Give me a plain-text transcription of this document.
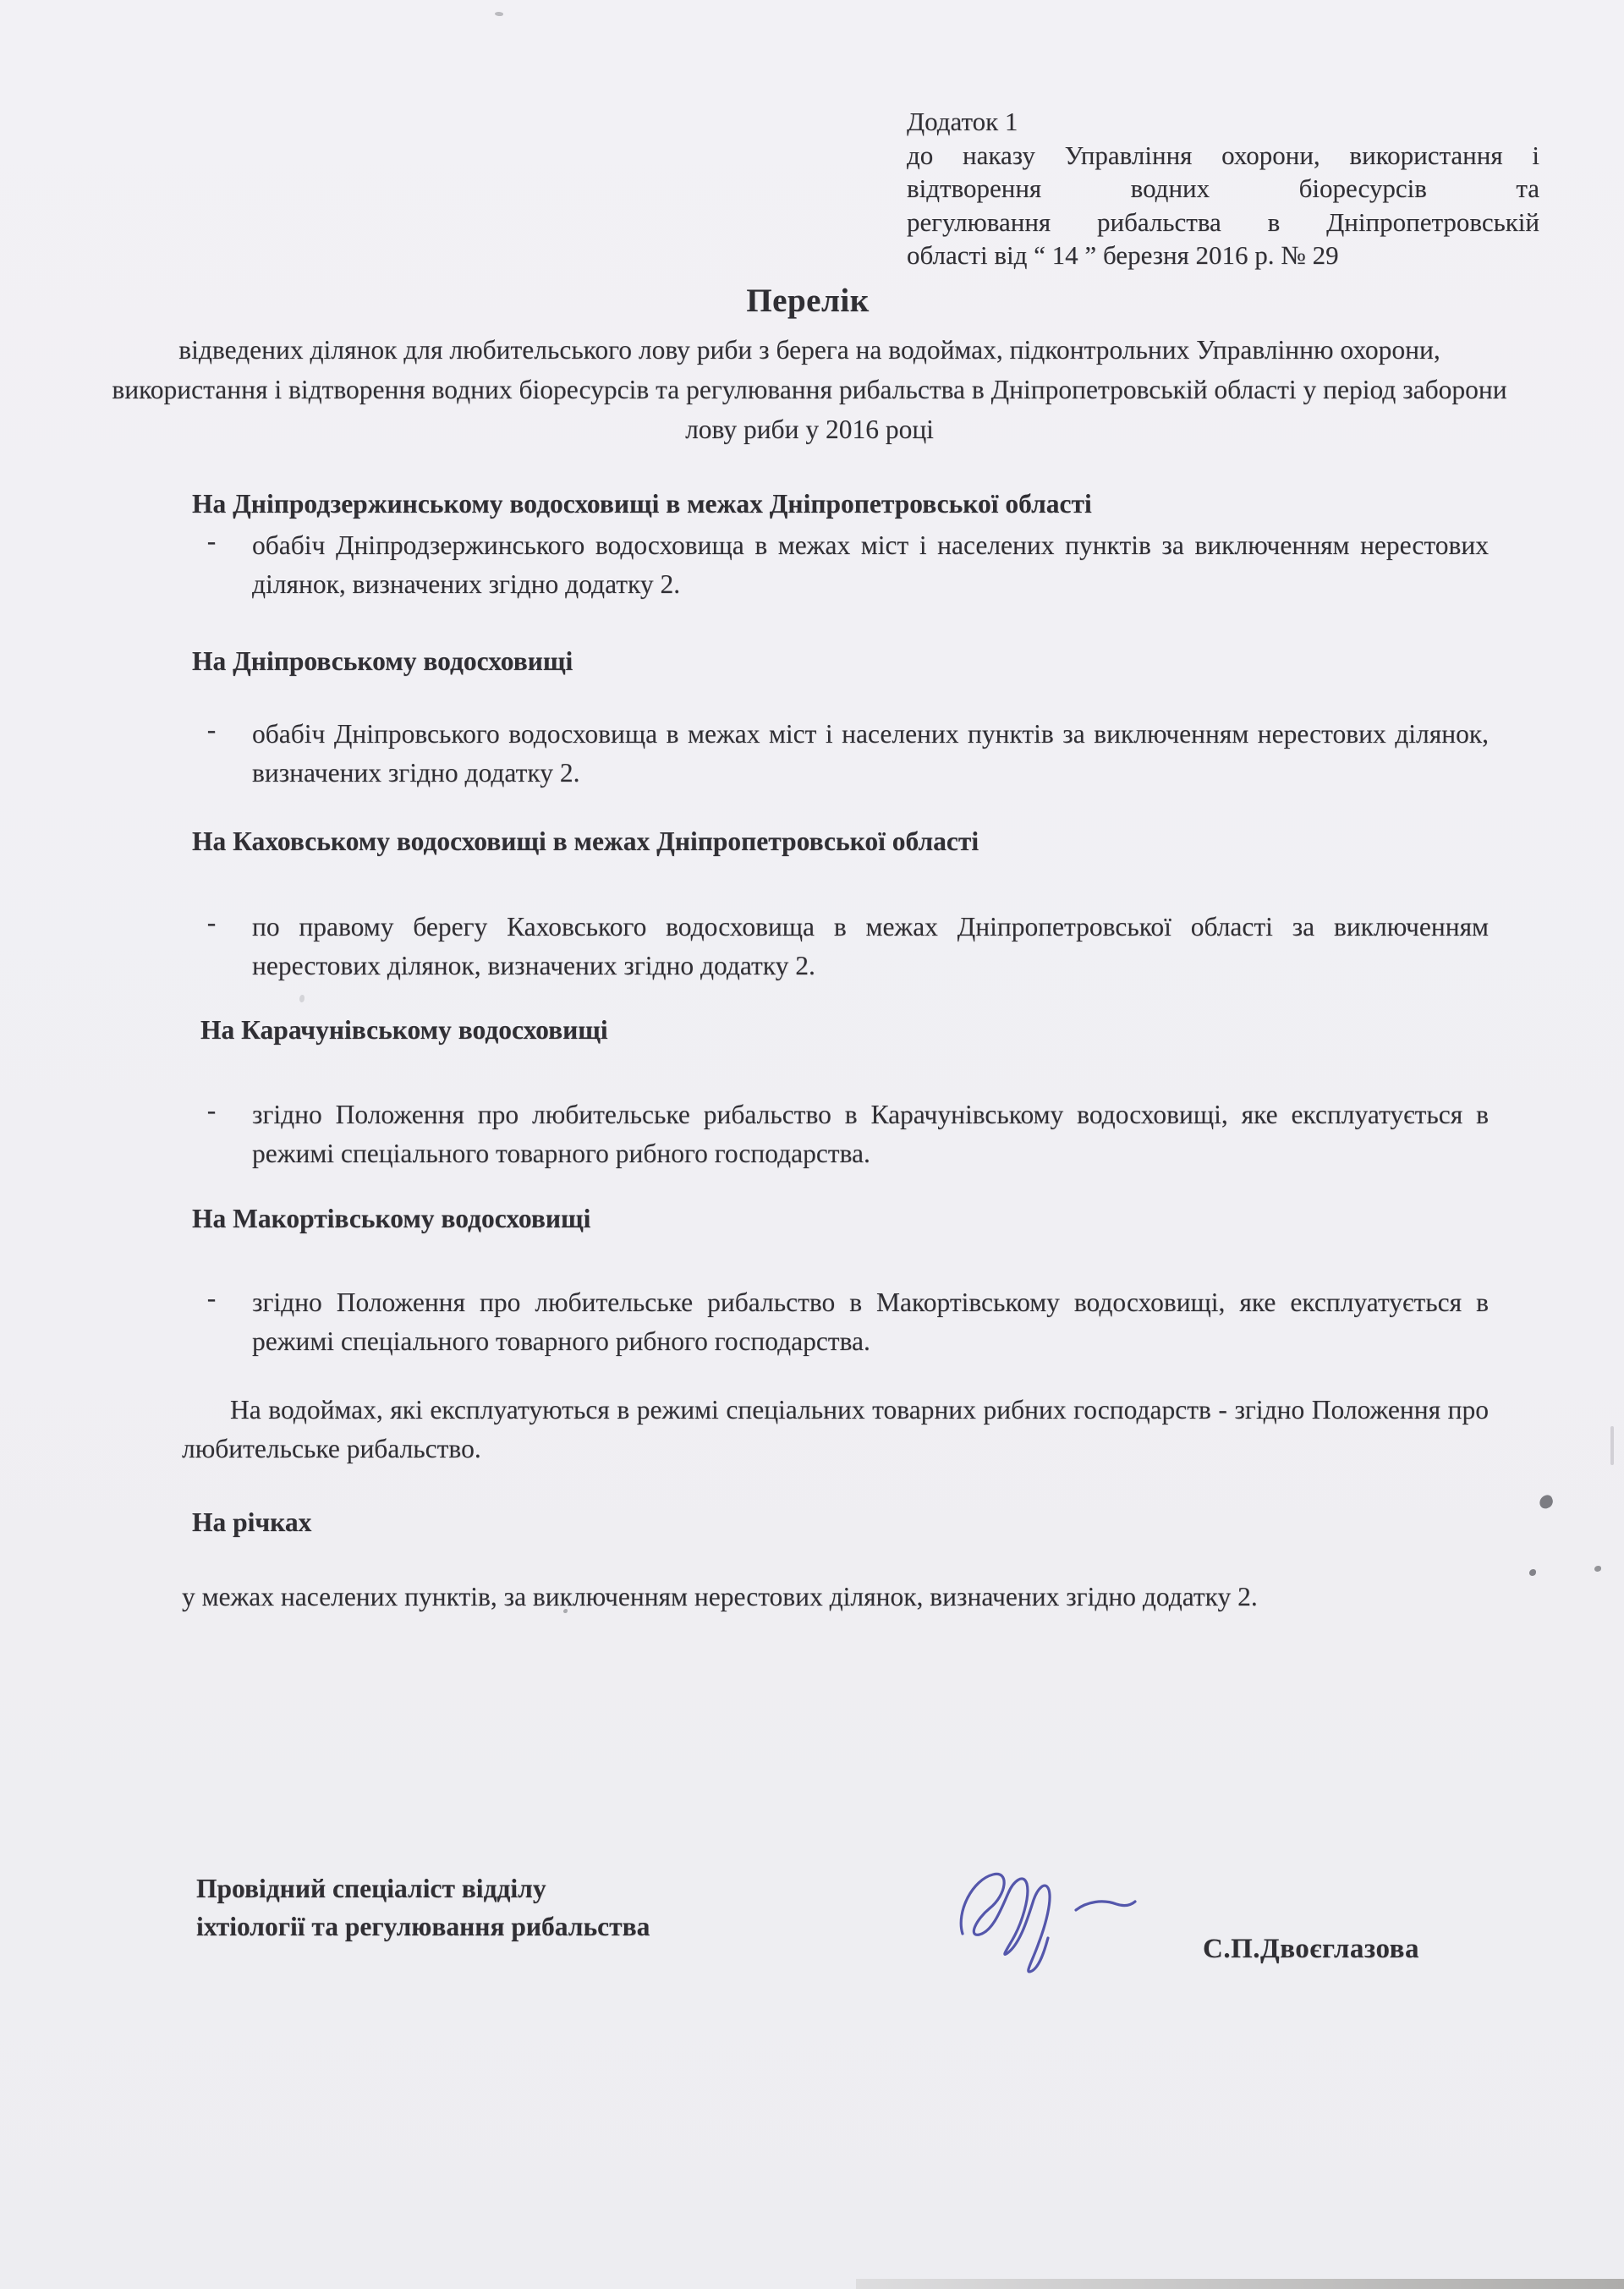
Додаток 1
до наказу Управління охорони, використання і
відтворення водних біоресурсів та
регулювання рибальства в Дніпропетровській
області від “ 14 ” березня 2016 р. № 29
Перелік
відведених ділянок для любительського лову риби з берега на водоймах, підконтрольних Управлінню охорони, використання і відтворення водних біоресурсів та регулювання рибальства в Дніпропетровській області у період заборони лову риби у 2016 році
На Дніпродзержинському водосховищі в межах Дніпропетровської області
- обабіч Дніпродзержинського водосховища в межах міст і населених пунктів за виключенням нерестових ділянок, визначених згідно додатку 2.

На Дніпровському водосховищі
- обабіч Дніпровського водосховища в межах міст і населених пунктів за виключенням нерестових ділянок, визначених згідно додатку 2.

На Каховському водосховищі в межах Дніпропетровської області
- по правому берегу Каховського водосховища в межах Дніпропетровської області за виключенням нерестових ділянок, визначених згідно додатку 2.

На Карачунівському водосховищі
- згідно Положення про любительське рибальство в Карачунівському водосховищі, яке експлуатується в режимі спеціального товарного рибного господарства.

На Макортівському водосховищі
- згідно Положення про любительське рибальство в Макортівському водосховищі, яке експлуатується в режимі спеціального товарного рибного господарства.

На водоймах, які експлуатуються в режимі спеціальних товарних рибних господарств - згідно Положення про любительське рибальство.

На річках

у межах населених пунктів, за виключенням нерестових ділянок, визначених згідно додатку 2.

Провідний спеціаліст відділу
іхтіології та регулювання рибальства
С.П.Двоєглазова
